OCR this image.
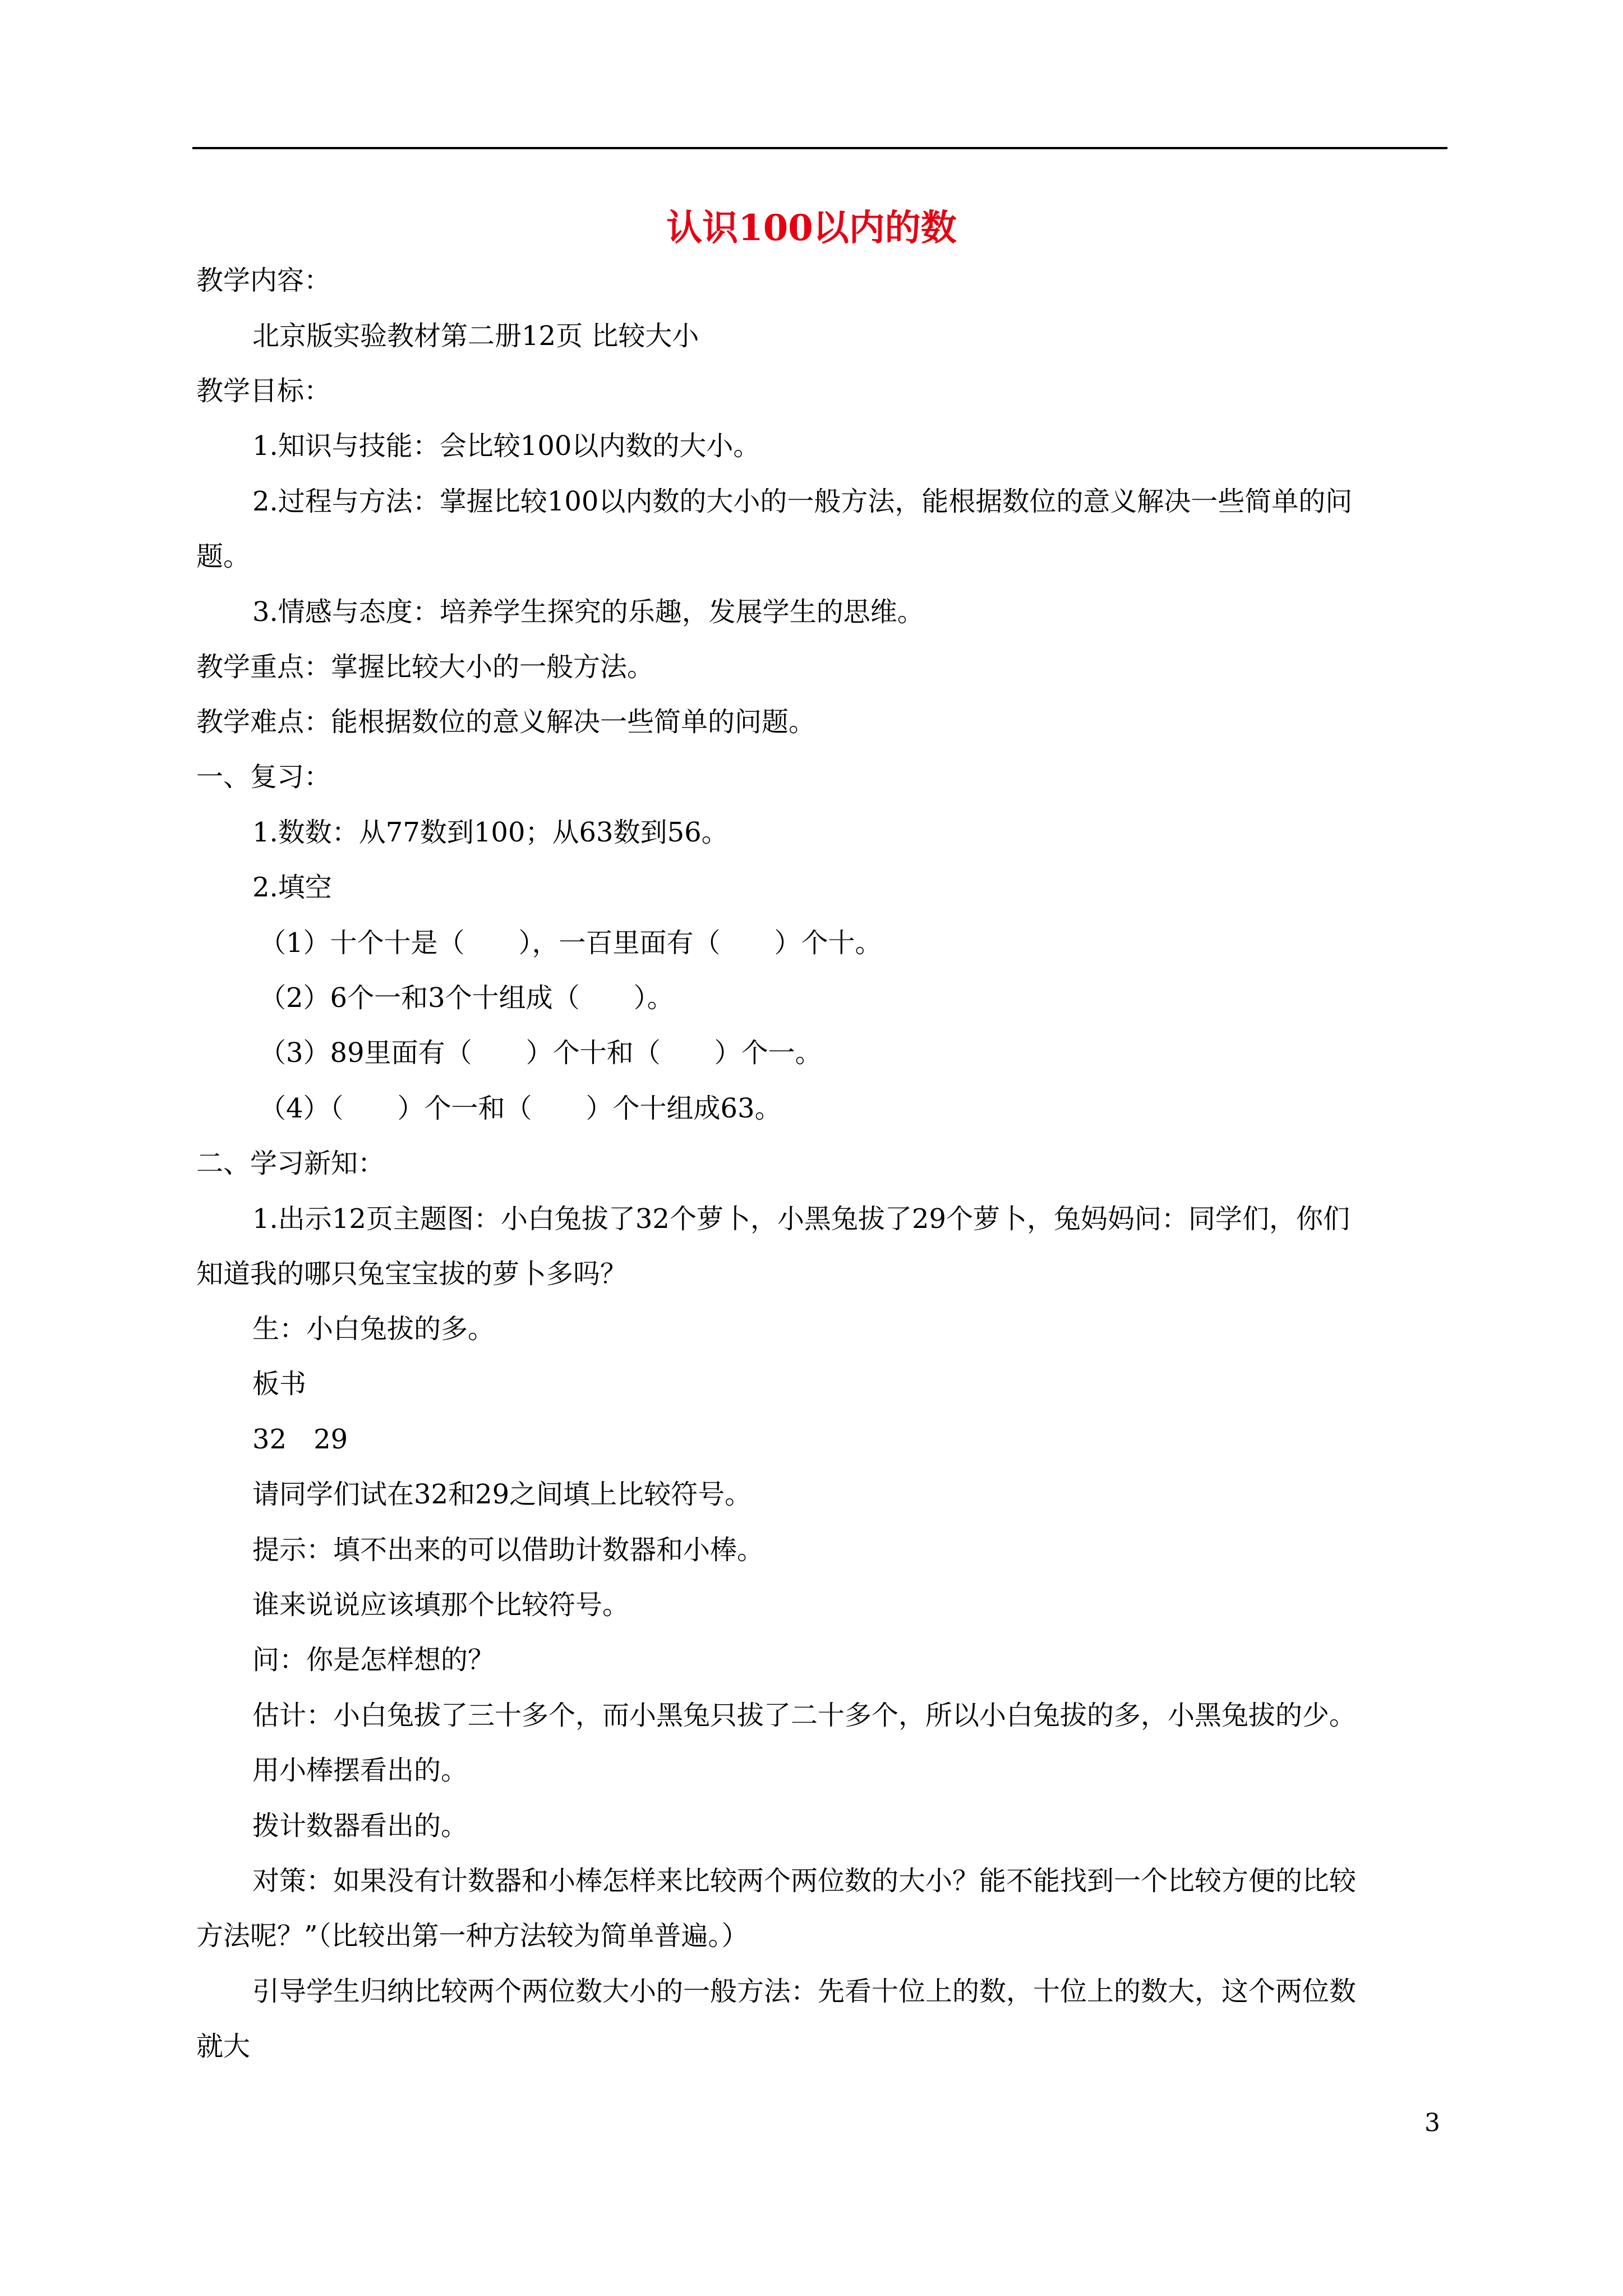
认识100以内的数
教学内容：
北京版实验教材第二册12页 比较大小
教学目标：
1.知识与技能：会比较100以内数的大小。
2.过程与方法：掌握比较100以内数的大小的一般方法，能根据数位的意义解决一些简单的问
题。
3.情感与态度：培养学生探究的乐趣，发展学生的思维。
教学重点：掌握比较大小的一般方法。
教学难点：能根据数位的意义解决一些简单的问题。
一、复习：
1.数数：从77数到100；从63数到56。
2.填空
（1）十个十是（　　），一百里面有（　　）个十。
（2）6个一和3个十组成（　　）。
（3）89里面有（　　）个十和（　　）个一。
（4）（　　）个一和（　　）个十组成63。
二、学习新知：
1.出示12页主题图：小白兔拔了32个萝卜，小黑兔拔了29个萝卜，兔妈妈问：同学们，你们
知道我的哪只兔宝宝拔的萝卜多吗？
生：小白兔拔的多。
板书
32　29
请同学们试在32和29之间填上比较符号。
提示：填不出来的可以借助计数器和小棒。
谁来说说应该填那个比较符号。
问：你是怎样想的？
估计：小白兔拔了三十多个，而小黑兔只拔了二十多个，所以小白兔拔的多，小黑兔拔的少。
用小棒摆看出的。
拨计数器看出的。
对策：如果没有计数器和小棒怎样来比较两个两位数的大小？能不能找到一个比较方便的比较
方法呢？”（比较出第一种方法较为简单普遍。）
引导学生归纳比较两个两位数大小的一般方法：先看十位上的数，十位上的数大，这个两位数
就大
3
